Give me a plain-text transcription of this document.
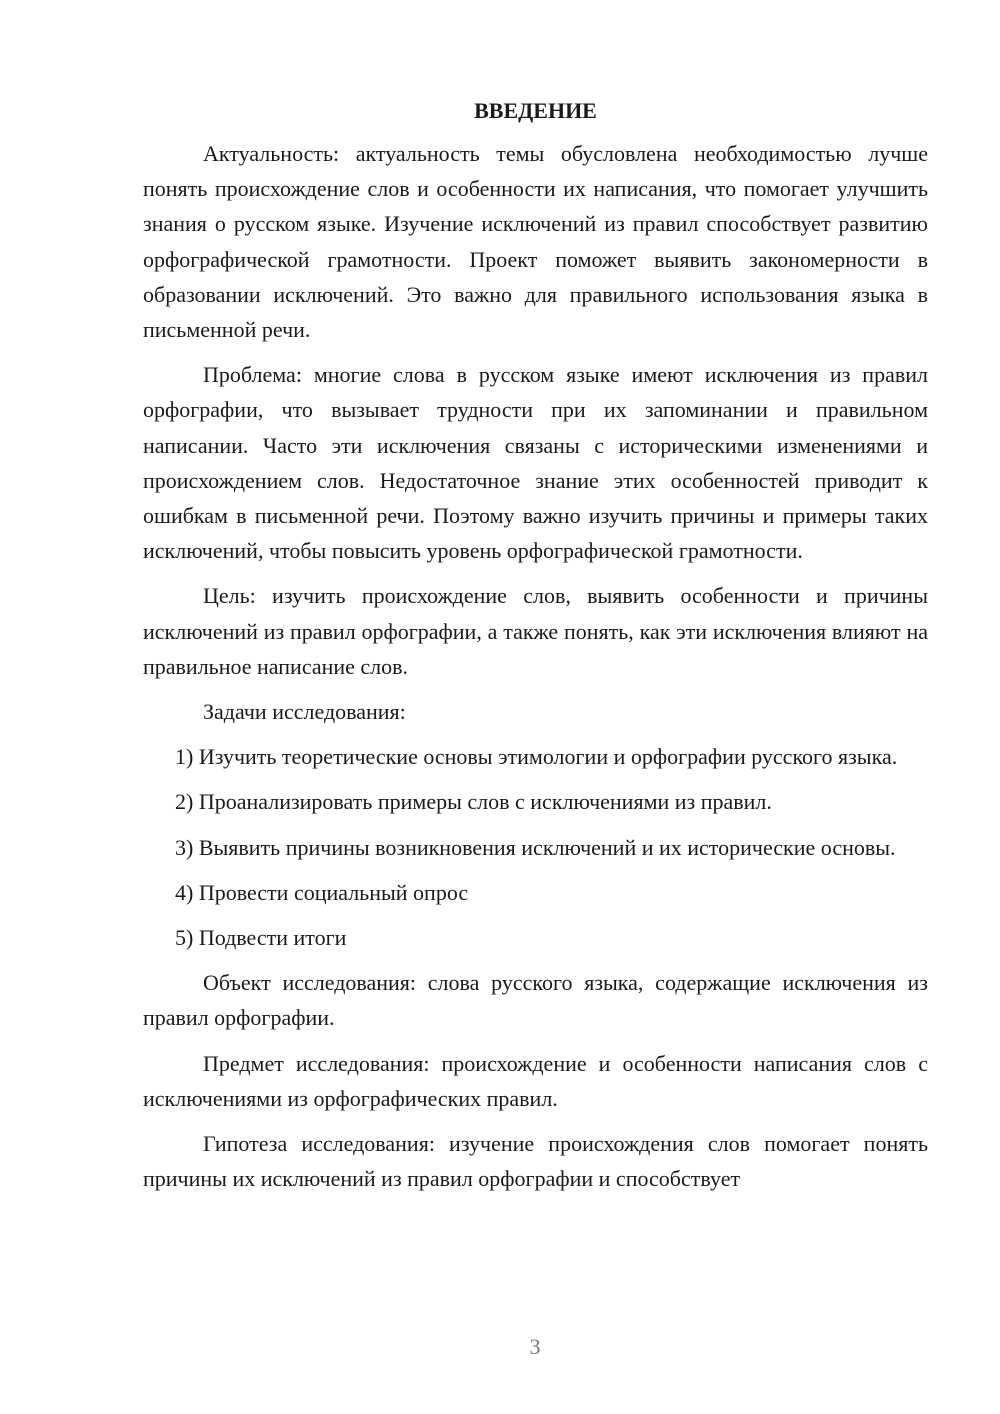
ВВЕДЕНИЕ

Актуальность: актуальность темы обусловлена необходимостью лучше понять происхождение слов и особенности их написания, что помогает улучшить знания о русском языке. Изучение исключений из правил способствует развитию орфографической грамотности. Проект поможет выявить закономерности в образовании исключений. Это важно для правильного использования языка в письменной речи.

Проблема: многие слова в русском языке имеют исключения из правил орфографии, что вызывает трудности при их запоминании и правильном написании. Часто эти исключения связаны с историческими изменениями и происхождением слов. Недостаточное знание этих особенностей приводит к ошибкам в письменной речи. Поэтому важно изучить причины и примеры таких исключений, чтобы повысить уровень орфографической грамотности.

Цель: изучить происхождение слов, выявить особенности и причины исключений из правил орфографии, а также понять, как эти исключения влияют на правильное написание слов.

Задачи исследования:

1) Изучить теоретические основы этимологии и орфографии русского языка.
2) Проанализировать примеры слов с исключениями из правил.
3) Выявить причины возникновения исключений и их исторические основы.
4) Провести социальный опрос
5) Подвести итоги

Объект исследования: слова русского языка, содержащие исключения из правил орфографии.

Предмет исследования: происхождение и особенности написания слов с исключениями из орфографических правил.

Гипотеза исследования: изучение происхождения слов помогает понять причины их исключений из правил орфографии и способствует

3
